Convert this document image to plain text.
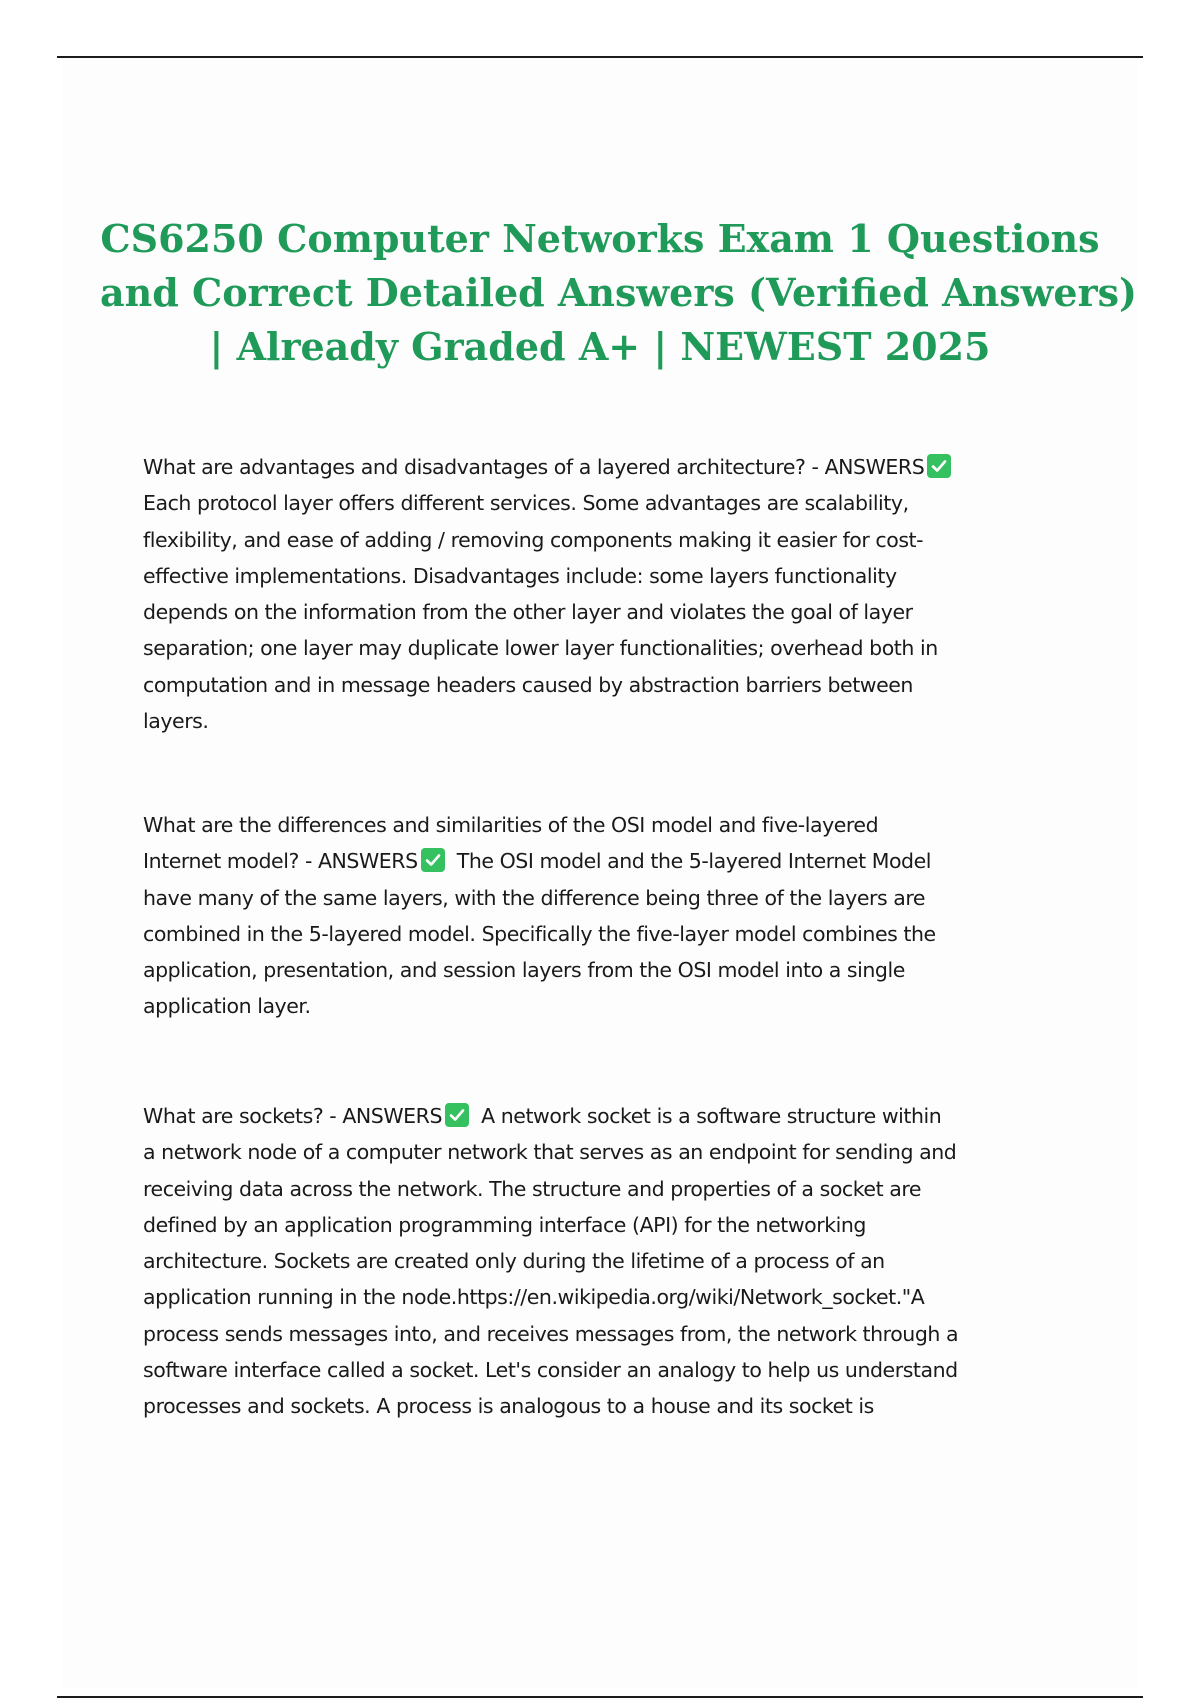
CS6250 Computer Networks Exam 1 Questions
and Correct Detailed Answers (Verified Answers)
| Already Graded A+ | NEWEST 2025

What are advantages and disadvantages of a layered architecture? - ANSWERS
Each protocol layer offers different services. Some advantages are scalability,
flexibility, and ease of adding / removing components making it easier for cost-
effective implementations. Disadvantages include: some layers functionality
depends on the information from the other layer and violates the goal of layer
separation; one layer may duplicate lower layer functionalities; overhead both in
computation and in message headers caused by abstraction barriers between
layers.

What are the differences and similarities of the OSI model and five-layered
Internet model? - ANSWERS The OSI model and the 5-layered Internet Model
have many of the same layers, with the difference being three of the layers are
combined in the 5-layered model. Specifically the five-layer model combines the
application, presentation, and session layers from the OSI model into a single
application layer.

What are sockets? - ANSWERS A network socket is a software structure within
a network node of a computer network that serves as an endpoint for sending and
receiving data across the network. The structure and properties of a socket are
defined by an application programming interface (API) for the networking
architecture. Sockets are created only during the lifetime of a process of an
application running in the node.https://en.wikipedia.org/wiki/Network_socket."A
process sends messages into, and receives messages from, the network through a
software interface called a socket. Let's consider an analogy to help us understand
processes and sockets. A process is analogous to a house and its socket is
